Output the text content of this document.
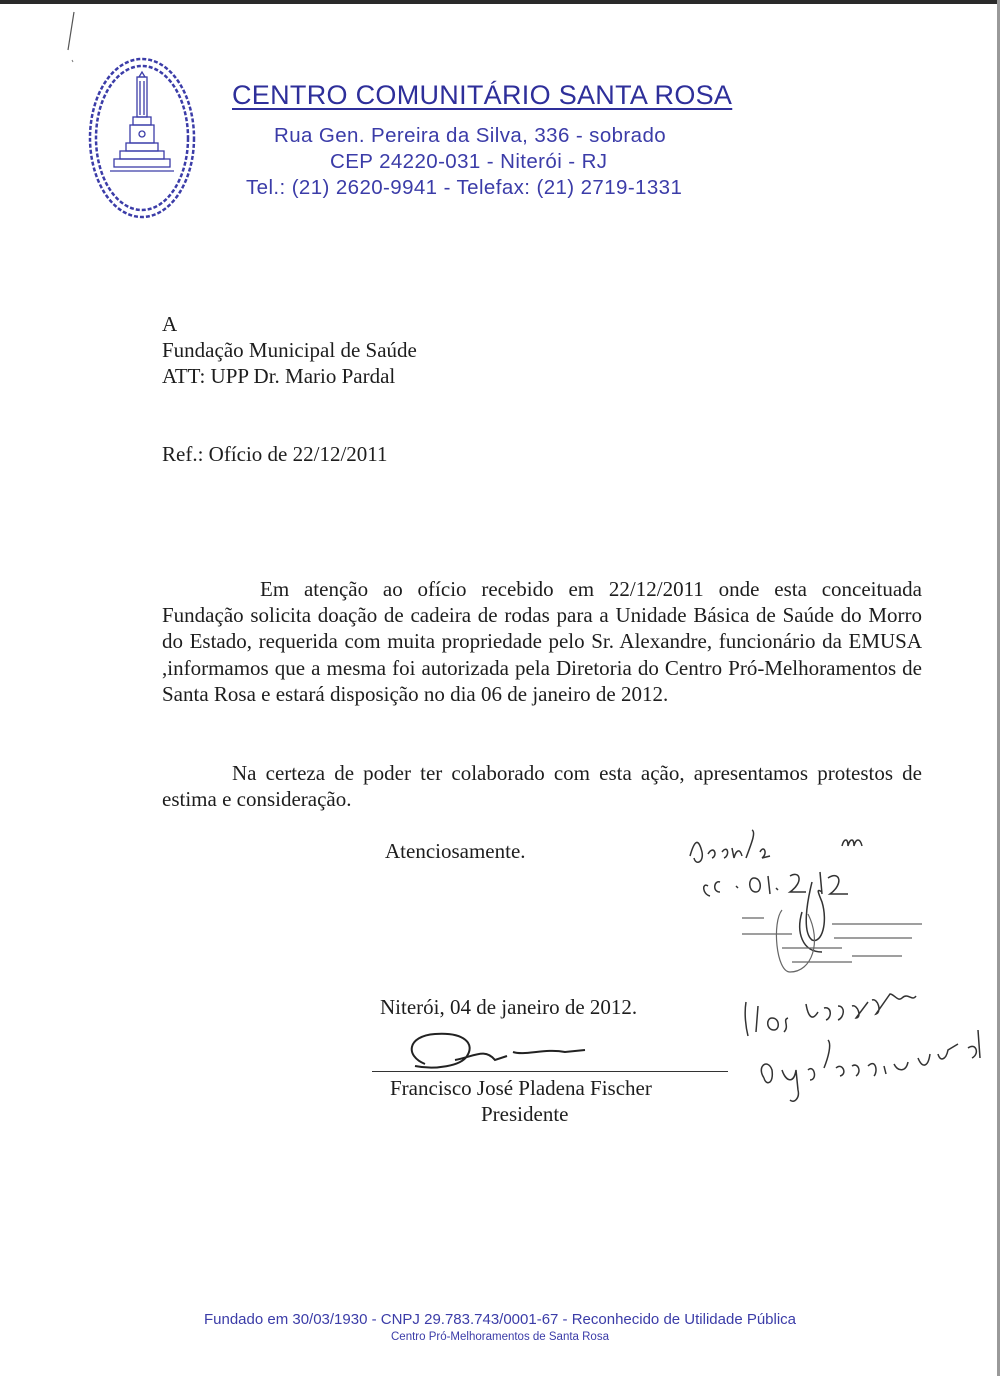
CENTRO COMUNITÁRIO SANTA ROSA
Rua Gen. Pereira da Silva, 336 - sobrado
CEP 24220-031 - Niterói - RJ
Tel.: (21) 2620-9941 - Telefax: (21) 2719-1331
A
Fundação Municipal de Saúde
ATT: UPP Dr. Mario Pardal
Ref.: Ofício de 22/12/2011
Em atenção ao ofício recebido em 22/12/2011 onde esta conceituada Fundação solicita doação de cadeira de rodas para a Unidade Básica de Saúde do Morro do Estado, requerida com muita propriedade pelo Sr. Alexandre, funcionário da EMUSA ,informamos que a mesma foi autorizada pela Diretoria do Centro Pró-Melhoramentos de Santa Rosa e estará disposição no dia 06 de janeiro de 2012.
Na certeza de poder ter colaborado com esta ação, apresentamos protestos de estima e consideração.
Atenciosamente.
Niterói, 04 de janeiro de 2012.
Francisco José Pladena Fischer
Presidente
Fundado em 30/03/1930 - CNPJ 29.783.743/0001-67 - Reconhecido de Utilidade Pública
Centro Pró-Melhoramentos de Santa Rosa
